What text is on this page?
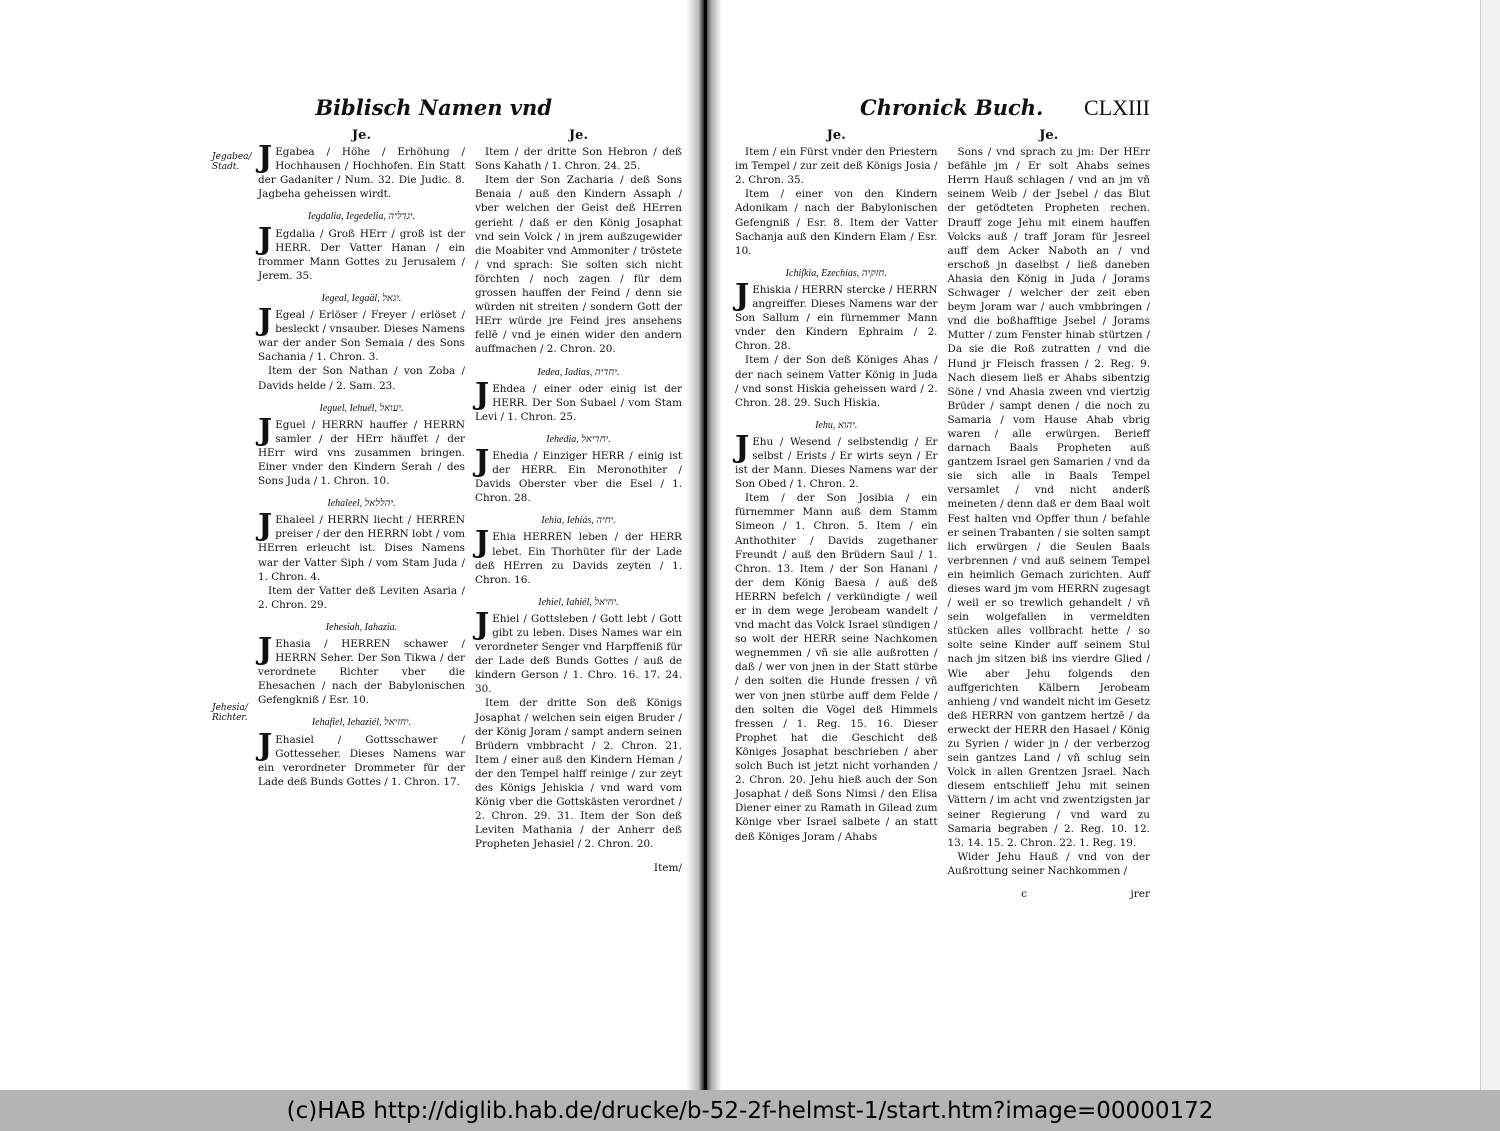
Jegabea/ Stadt.
Jehesia/ Richter.
Biblisch Namen vnd
Je.

JEgabea / Höhe / Erhöhung / Hochhausen / Hochhofen. Ein Statt der Gadaniter / Num. 32. Die Judic. 8. Jagbeha geheissen wirdt.

Iegdalia, Iegedelia, יגדליה.

JEgdalia / Groß HErr / groß ist der HERR. Der Vatter Hanan / ein frommer Mann Gottes zu Jerusalem / Jerem. 35.

Iegeal, Iegaäl, יגאל.

JEgeal / Erlöser / Freyer / erlöset / besleckt / vnsauber. Dieses Namens war der ander Son Semaia / des Sons Sachania / 1. Chron. 3.

Item der Son Nathan / von Zoba / Davids helde / 2. Sam. 23.

Ieguel, Iehuél, יעואל.

JEguel / HERRN hauffer / HERRN samler / der HErr häuffet / der HErr wird vns zusammen bringen. Einer vnder den Kindern Serah / des Sons Juda / 1. Chron. 10.

Iehaleel, יהללאל.

JEhaleel / HERRN liecht / HERREN preiser / der den HERRN lobt / vom HErren erleucht ist. Dises Namens war der Vatter Siph / vom Stam Juda / 1. Chron. 4.

Item der Vatter deß Leviten Asaria / 2. Chron. 29.

Iehesiah, Iahazia.

JEhasia / HERREN schawer / HERRN Seher. Der Son Tikwa / der verordnete Richter vber die Ehesachen / nach der Babylonischen Gefengkniß / Esr. 10.

Iehafiel, Iehaziél, יחזיאל.

JEhasiel / Gottsschawer / Gottesseher. Dieses Namens war ein verordneter Drommeter für der Lade deß Bunds Gottes / 1. Chron. 17.

Je.

Item / der dritte Son Hebron / deß Sons Kahath / 1. Chron. 24. 25.

Item der Son Zacharia / deß Sons Benaia / auß den Kindern Assaph / vber welchen der Geist deß HErren gerieht / daß er den König Josaphat vnd sein Volck / in jrem außzugewider die Moabiter vnd Ammoniter / tröstete / vnd sprach: Sie solten sich nicht förchten / noch zagen / für dem grossen hauffen der Feind / denn sie würden nit streiten / sondern Gott der HErr würde jre Feind jres ansehens fellē / vnd je einen wider den andern auffmachen / 2. Chron. 20.

Iedea, Iadias, יחדיה.

JEhdea / einer oder einig ist der HERR. Der Son Subael / vom Stam Levi / 1. Chron. 25.

Iehedia, יחדיאל.

JEhedia / Einziger HERR / einig ist der HERR. Ein Meronothiter / Davids Oberster vber die Esel / 1. Chron. 28.

Iehia, Iehiás, יחיה.

JEhia HERREN leben / der HERR lebet. Ein Thorhüter für der Lade deß HErren zu Davids zeyten / 1. Chron. 16.

Iehiel, Iahiél, יחיאל.

JEhiel / Gottsleben / Gott lebt / Gott gibt zu leben. Dises Names war ein verordneter Senger vnd Harpffeniß für der Lade deß Bunds Gottes / auß de kindern Gerson / 1. Chro. 16. 17. 24. 30.

Item der dritte Son deß Königs Josaphat / welchen sein eigen Bruder / der König Joram / sampt andern seinen Brüdern vmbbracht / 2. Chron. 21. Item / einer auß den Kindern Heman / der den Tempel halff reinige / zur zeyt des Königs Jehiskia / vnd ward vom König vber die Gottskästen verordnet / 2. Chron. 29. 31. Item der Son deß Leviten Mathania / der Anherr deß Propheten Jehasiel / 2. Chron. 20.

Item/
Chronick Buch. CLXIII
Je.

Item / ein Fürst vnder den Priestern im Tempel / zur zeit deß Königs Josia / 2. Chron. 35.

Item / einer von den Kindern Adonikam / nach der Babylonischen Gefengniß / Esr. 8. Item der Vatter Sachanja auß den Kindern Elam / Esr. 10.

Ichiſkia, Ezechias, חזקיה.

JEhiskia / HERRN stercke / HERRN angreiffer. Dieses Namens war der Son Sallum / ein fürnemmer Mann vnder den Kindern Ephraim / 2. Chron. 28.

Item / der Son deß Königes Ahas / der nach seinem Vatter König in Juda / vnd sonst Hiskia geheissen ward / 2. Chron. 28. 29. Such Hiskia.

Iehu, יהוא.

JEhu / Wesend / selbstendig / Er selbst / Erists / Er wirts seyn / Er ist der Mann. Dieses Namens war der Son Obed / 1. Chron. 2.

Item / der Son Josibia / ein fürnemmer Mann auß dem Stamm Simeon / 1. Chron. 5. Item / ein Anthothiter / Davids zugethaner Freundt / auß den Brüdern Saul / 1. Chron. 13. Item / der Son Hanani / der dem König Baesa / auß deß HERRN befelch / verkündigte / weil er in dem wege Jerobeam wandelt / vnd macht das Volck Israel sündigen / so wolt der HERR seine Nachkomen wegnemmen / vñ sie alle außrotten / daß / wer von jnen in der Statt stürbe / den solten die Hunde fressen / vñ wer von jnen stürbe auff dem Felde / den solten die Vögel deß Himmels fressen / 1. Reg. 15. 16. Dieser Prophet hat die Geschicht deß Königes Josaphat beschrieben / aber solch Buch ist jetzt nicht vorhanden / 2. Chron. 20. Jehu hieß auch der Son Josaphat / deß Sons Nimsi / den Elisa Diener einer zu Ramath in Gilead zum Könige vber Israel salbete / an statt deß Königes Joram / Ahabs

Je.

Sons / vnd sprach zu jm: Der HErr befähle jm / Er solt Ahabs seines Herrn Hauß schlagen / vnd an jm vñ seinem Weib / der Jsebel / das Blut der getödteten Propheten rechen. Drauff zoge Jehu mit einem hauffen Volcks auß / traff Joram für Jesreel auff dem Acker Naboth an / vnd erschoß jn daselbst / ließ daneben Ahasia den König in Juda / Jorams Schwager / welcher der zeit eben beym Joram war / auch vmbbringen / vnd die boßhafftige Jsebel / Jorams Mutter / zum Fenster hinab stürtzen / Da sie die Roß zutratten / vnd die Hund jr Fleisch frassen / 2. Reg. 9. Nach diesem ließ er Ahabs sibentzig Söne / vnd Ahasia zween vnd viertzig Brüder / sampt denen / die noch zu Samaria / vom Hause Ahab vbrig waren / alle erwürgen. Berieff darnach Baals Propheten auß gantzem Israel gen Samarien / vnd da sie sich alle in Baals Tempel versamlet / vnd nicht anderß meineten / denn daß er dem Baal wolt Fest halten vnd Opffer thun / befahle er seinen Trabanten / sie solten sampt lich erwürgen / die Seulen Baals verbrennen / vnd auß seinem Tempel ein heimlich Gemach zurichten. Auff dieses ward jm vom HERRN zugesagt / weil er so trewlich gehandelt / vñ sein wolgefallen in vermeldten stücken alles vollbracht hette / so solte seine Kinder auff seinem Stul nach jm sitzen biß ins vierdre Glied / Wie aber Jehu folgends den auffgerichten Kälbern Jerobeam anhieng / vnd wandelt nicht im Gesetz deß HERRN von gantzem hertzē / da erweckt der HERR den Hasael / König zu Syrien / wider jn / der verberzog sein gantzes Land / vñ schlug sein Volck in allen Grentzen Jsrael. Nach diesem entschlieff Jehu mit seinen Vättern / im acht vnd zwentzigsten jar seiner Regierung / vnd ward zu Samaria begraben / 2. Reg. 10. 12. 13. 14. 15. 2. Chron. 22. 1. Reg. 19.

Wider Jehu Hauß / vnd von der Außrottung seiner Nachkommen /

c	jrer
(c)HAB http://diglib.hab.de/drucke/b-52-2f-helmst-1/start.htm?image=00000172
